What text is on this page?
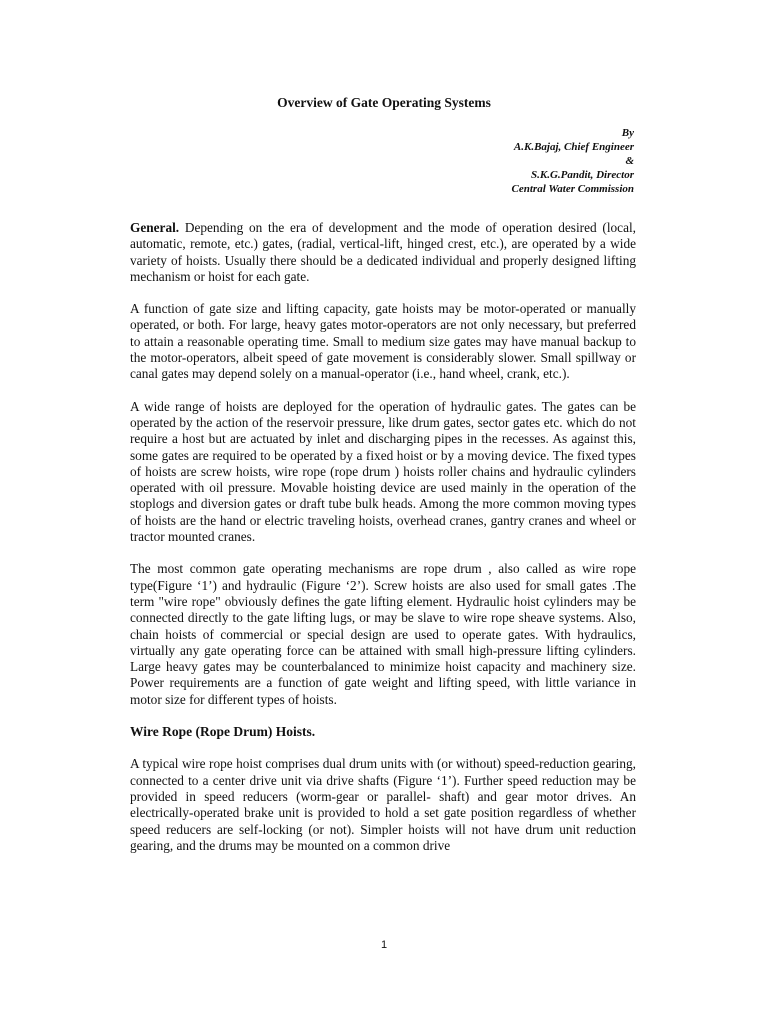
Overview of Gate Operating Systems
By
A.K.Bajaj, Chief Engineer
&
S.K.G.Pandit, Director
Central Water Commission

General. Depending on the era of development and the mode of operation desired (local, automatic, remote, etc.) gates, (radial, vertical-lift, hinged crest, etc.), are operated by a wide variety of hoists. Usually there should be a dedicated individual and properly designed lifting mechanism or hoist for each gate.

A function of gate size and lifting capacity, gate hoists may be motor-operated or manually operated, or both. For large, heavy gates motor-operators are not only necessary, but preferred to attain a reasonable operating time. Small to medium size gates may have manual backup to the motor-operators, albeit speed of gate movement is considerably slower. Small spillway or canal gates may depend solely on a manual-operator (i.e., hand wheel, crank, etc.).

A wide range of hoists are deployed for the operation of hydraulic gates. The gates can be operated by the action of the reservoir pressure, like drum gates, sector gates etc. which do not require a host but are actuated by inlet and discharging pipes in the recesses. As against this, some gates are required to be operated by a fixed hoist or by a moving device. The fixed types of hoists are screw hoists, wire rope (rope drum ) hoists roller chains and hydraulic cylinders operated with oil pressure. Movable hoisting device are used mainly in the operation of the stoplogs and diversion gates or draft tube bulk heads. Among the more common moving types of hoists are the hand or electric traveling hoists, overhead cranes, gantry cranes and wheel or tractor mounted cranes.

The most common gate operating mechanisms are rope drum , also called as wire rope type(Figure ‘1’) and hydraulic (Figure ‘2’). Screw hoists are also used for small gates .The term "wire rope" obviously defines the gate lifting element. Hydraulic hoist cylinders may be connected directly to the gate lifting lugs, or may be slave to wire rope sheave systems. Also, chain hoists of commercial or special design are used to operate gates. With hydraulics, virtually any gate operating force can be attained with small high-pressure lifting cylinders. Large heavy gates may be counterbalanced to minimize hoist capacity and machinery size. Power requirements are a function of gate weight and lifting speed, with little variance in motor size for different types of hoists.

Wire Rope (Rope Drum) Hoists.

A typical wire rope hoist comprises dual drum units with (or without) speed-reduction gearing, connected to a center drive unit via drive shafts (Figure ‘1’). Further speed reduction may be provided in speed reducers (worm-gear or parallel- shaft) and gear motor drives. An electrically-operated brake unit is provided to hold a set gate position regardless of whether speed reducers are self-locking (or not). Simpler hoists will not have drum unit reduction gearing, and the drums may be mounted on a common drive

1
